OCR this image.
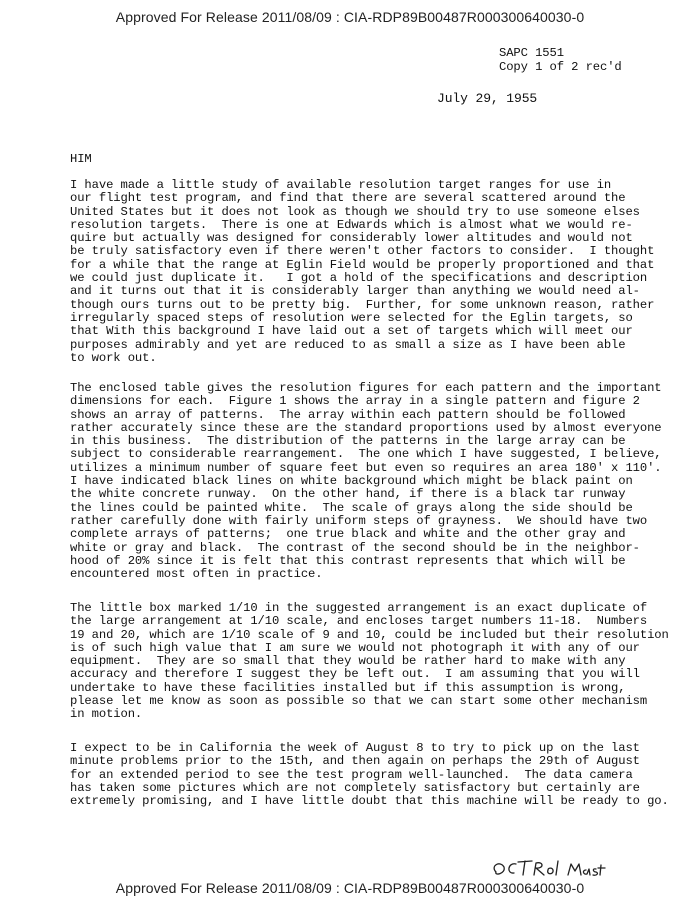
Approved For Release 2011/08/09 : CIA-RDP89B00487R000300640030-0
SAPC 1551
Copy 1 of 2 rec'd
July 29, 1955
HIM
I have made a little study of available resolution target ranges for use in
our flight test program, and find that there are several scattered around the
United States but it does not look as though we should try to use someone elses
resolution targets.  There is one at Edwards which is almost what we would re-
quire but actually was designed for considerably lower altitudes and would not
be truly satisfactory even if there weren't other factors to consider.  I thought
for a while that the range at Eglin Field would be properly proportioned and that
we could just duplicate it.   I got a hold of the specifications and description
and it turns out that it is considerably larger than anything we would need al-
though ours turns out to be pretty big.  Further, for some unknown reason, rather
irregularly spaced steps of resolution were selected for the Eglin targets, so
that With this background I have laid out a set of targets which will meet our
purposes admirably and yet are reduced to as small a size as I have been able
to work out.
The enclosed table gives the resolution figures for each pattern and the important
dimensions for each.  Figure 1 shows the array in a single pattern and figure 2
shows an array of patterns.  The array within each pattern should be followed
rather accurately since these are the standard proportions used by almost everyone
in this business.  The distribution of the patterns in the large array can be
subject to considerable rearrangement.  The one which I have suggested, I believe,
utilizes a minimum number of square feet but even so requires an area 180' x 110'.
I have indicated black lines on white background which might be black paint on
the white concrete runway.  On the other hand, if there is a black tar runway
the lines could be painted white.  The scale of grays along the side should be
rather carefully done with fairly uniform steps of grayness.  We should have two
complete arrays of patterns;  one true black and white and the other gray and
white or gray and black.  The contrast of the second should be in the neighbor-
hood of 20% since it is felt that this contrast represents that which will be
encountered most often in practice.
The little box marked 1/10 in the suggested arrangement is an exact duplicate of
the large arrangement at 1/10 scale, and encloses target numbers 11-18.  Numbers
19 and 20, which are 1/10 scale of 9 and 10, could be included but their resolution
is of such high value that I am sure we would not photograph it with any of our
equipment.  They are so small that they would be rather hard to make with any
accuracy and therefore I suggest they be left out.  I am assuming that you will
undertake to have these facilities installed but if this assumption is wrong,
please let me know as soon as possible so that we can start some other mechanism
in motion.
I expect to be in California the week of August 8 to try to pick up on the last
minute problems prior to the 15th, and then again on perhaps the 29th of August
for an extended period to see the test program well-launched.  The data camera
has taken some pictures which are not completely satisfactory but certainly are
extremely promising, and I have little doubt that this machine will be ready to go.
Approved For Release 2011/08/09 : CIA-RDP89B00487R000300640030-0
